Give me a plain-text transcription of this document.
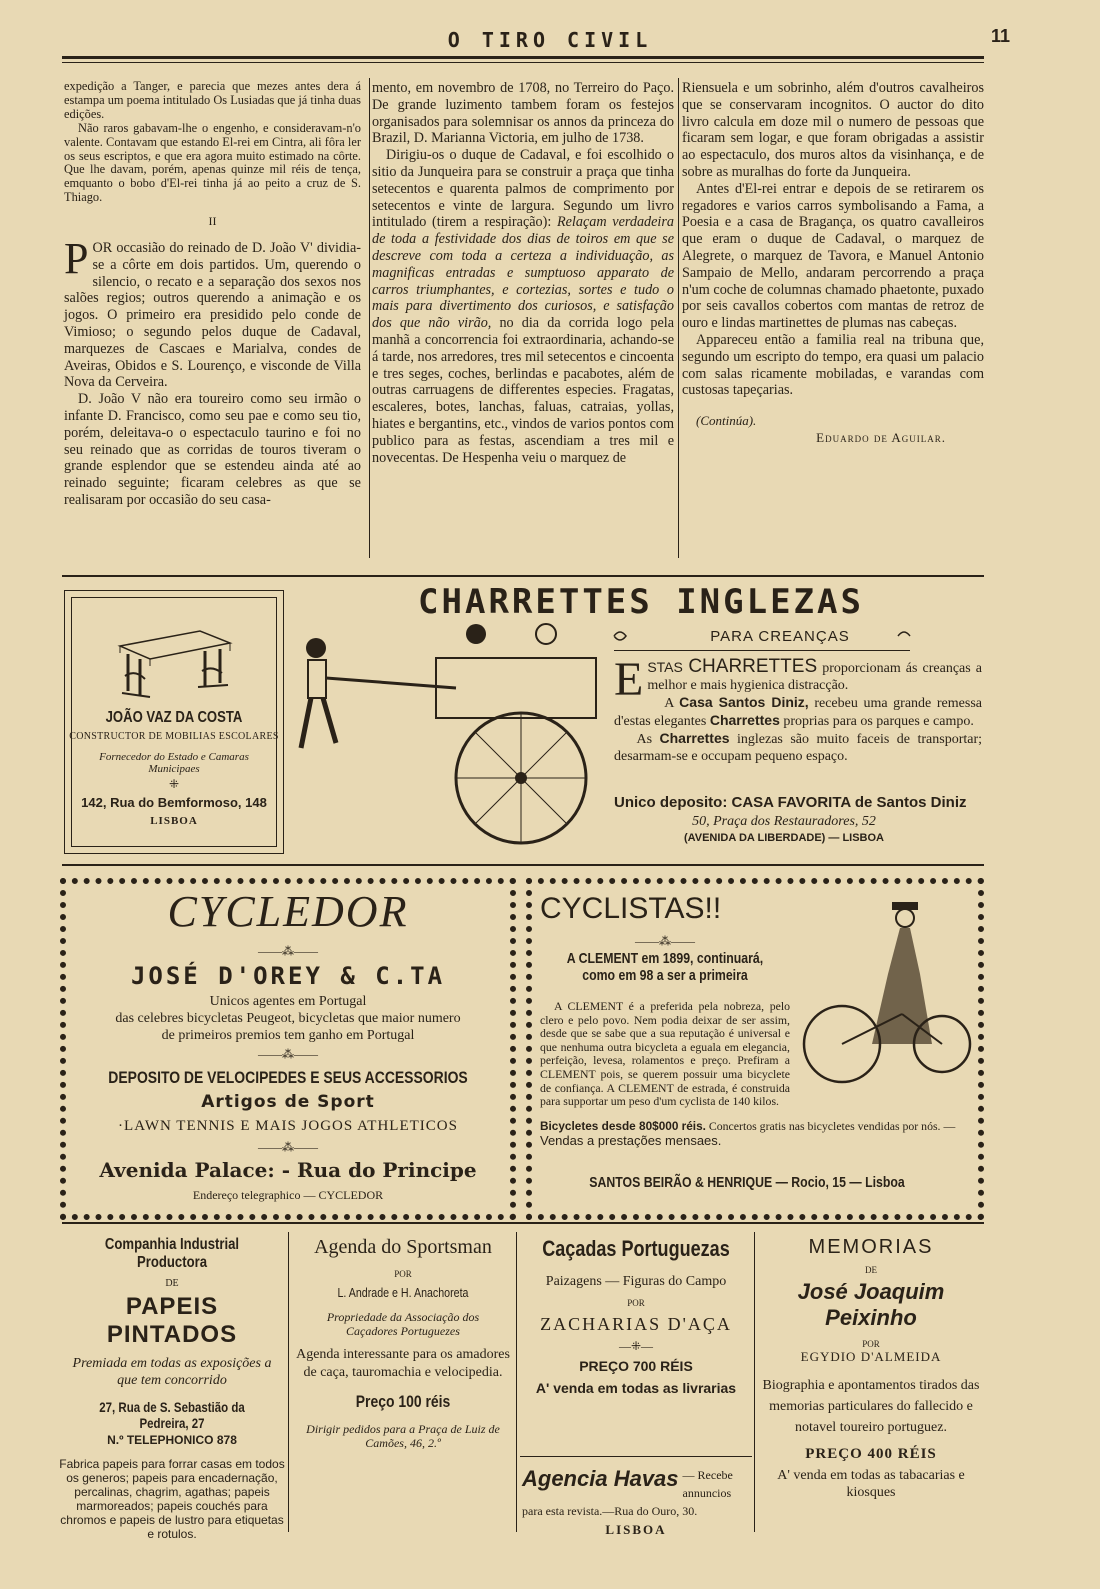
O TIRO CIVIL	11

expedição a Tanger, e parecia que mezes antes dera á estampa um poema intitulado Os Lusiadas que já tinha duas edições.

Não raros gabavam-lhe o engenho, e consideravam-n'o valente. Contavam que estando El-rei em Cintra, ali fôra ler os seus escriptos, e que era agora muito estimado na côrte. Que lhe davam, porém, apenas quinze mil réis de tença, emquanto o bobo d'El-rei tinha já ao peito a cruz de S. Thiago.

II

POR occasião do reinado de D. João V' dividia-se a côrte em dois partidos. Um, querendo o silencio, o recato e a separação dos sexos nos salões regios; outros querendo a animação e os jogos. O primeiro era presidido pelo conde de Vimioso; o segundo pelos duque de Cadaval, marquezes de Cascaes e Marialva, condes de Aveiras, Obidos e S. Lourenço, e visconde de Villa Nova da Cerveira.

D. João V não era toureiro como seu irmão o infante D. Francisco, como seu pae e como seu tio, porém, deleitava-o o espectaculo taurino e foi no seu reinado que as corridas de touros tiveram o grande esplendor que se estendeu ainda até ao reinado seguinte; ficaram celebres as que se realisaram por occasião do seu casa-

mento, em novembro de 1708, no Terreiro do Paço. De grande luzimento tambem foram os festejos organisados para solemnisar os annos da princeza do Brazil, D. Marianna Victoria, em julho de 1738.

Dirigiu-os o duque de Cadaval, e foi escolhido o sitio da Junqueira para se construir a praça que tinha setecentos e quarenta palmos de comprimento por setecentos e vinte de largura. Segundo um livro intitulado (tirem a respiração): Relaçam verdadeira de toda a festividade dos dias de toiros em que se descreve com toda a certeza a individuação, as magnificas entradas e sumptuoso apparato de carros triumphantes, e cortezias, sortes e tudo o mais para divertimento dos curiosos, e satisfação dos que não virão, no dia da corrida logo pela manhã a concorrencia foi extraordinaria, achando-se á tarde, nos arredores, tres mil setecentos e cincoenta e tres seges, coches, berlindas e pacabotes, além de outras carruagens de differentes especies. Fragatas, escaleres, botes, lanchas, faluas, catraias, yollas, hiates e bergantins, etc., vindos de varios pontos com publico para as festas, ascendiam a tres mil e novecentas. De Hespenha veiu o marquez de

Riensuela e um sobrinho, além d'outros cavalheiros que se conservaram incognitos. O auctor do dito livro calcula em doze mil o numero de pessoas que ficaram sem logar, e que foram obrigadas a assistir ao espectaculo, dos muros altos da visinhança, e de sobre as muralhas do forte da Junqueira.

Antes d'El-rei entrar e depois de se retirarem os regadores e varios carros symbolisando a Fama, a Poesia e a casa de Bragança, os quatro cavalleiros que eram o duque de Cadaval, o marquez de Alegrete, o marquez de Tavora, e Manuel Antonio Sampaio de Mello, andaram percorrendo a praça n'um coche de columnas chamado phaetonte, puxado por seis cavallos cobertos com mantas de retroz de ouro e lindas martinettes de plumas nas cabeças.

Appareceu então a familia real na tribuna que, segundo um escripto do tempo, era quasi um palacio com salas ricamente mobiladas, e varandas com custosas tapeçarias.

(Continúa).
Eduardo de Aguilar.
JOÃO VAZ DA COSTA
CONSTRUCTOR DE MOBILIAS ESCOLARES
Fornecedor do Estado e Camaras Municipaes
⁜
142, Rua do Bemformoso, 148
LISBOA
CHARRETTES INGLEZAS
PARA CREANÇAS
E STAS CHARRETTES proporcionam ás creanças a melhor e mais hygienica distracção.
A Casa Santos Diniz, recebeu uma grande remessa d'estas elegantes Charrettes proprias para os parques e campo.
As Charrettes inglezas são muito faceis de transportar; desarmam-se e occupam pequeno espaço.
Unico deposito: CASA FAVORITA de Santos Diniz
50, Praça dos Restauradores, 52
(AVENIDA DA LIBERDADE) — LISBOA
CYCLEDOR
——⁂——
JOSÉ D'OREY & C.TA
Unicos agentes em Portugal
das celebres bicycletas Peugeot, bicycletas que maior numero
de primeiros premios tem ganho em Portugal
——⁂——
DEPOSITO DE VELOCIPEDES E SEUS ACCESSORIOS
Artigos de Sport
·LAWN TENNIS E MAIS JOGOS ATHLETICOS
——⁂——
Avenida Palace: - Rua do Principe
Endereço telegraphico — CYCLEDOR
CYCLISTAS!!
——⁂——
A CLEMENT em 1899, continuará, como em 98 a ser a primeira
A CLEMENT é a preferida pela nobreza, pelo clero e pelo povo. Nem podia deixar de ser assim, desde que se sabe que a sua reputação é universal e que nenhuma outra bicycleta a eguala em elegancia, perfeição, levesa, rolamentos e preço. Prefiram a CLEMENT pois, se querem possuir uma bicyclete de confiança. A CLEMENT de estrada, é construida para supportar um peso d'um cyclista de 140 kilos.
Bicycletes desde 80$000 réis. Concertos gratis nas bicycletes vendidas por nós. — Vendas a prestações mensaes.
SANTOS BEIRÃO & HENRIQUE — Rocio, 15 — Lisboa
Companhia Industrial Productora
DE
PAPEIS PINTADOS
Premiada em todas as exposições a que tem concorrido
27, Rua de S. Sebastião da Pedreira, 27
N.º TELEPHONICO 878
Fabrica papeis para forrar casas em todos os generos; papeis para encadernação, percalinas, chagrim, agathas; papeis marmoreados; papeis couchés para chromos e papeis de lustro para etiquetas e rotulos.
Agenda do Sportsman
POR
L. Andrade e H. Anachoreta
Propriedade da Associação dos Caçadores Portuguezes
Agenda interessante para os amadores de caça, tauromachia e velocipedia.
Preço 100 réis
Dirigir pedidos para a Praça de Luiz de Camões, 46, 2.º
Caçadas Portuguezas
Paizagens — Figuras do Campo
POR
ZACHARIAS D'AÇA
—⁜—
PREÇO 700 RÉIS
A' venda em todas as livrarias
Agencia Havas — Recebe annuncios para esta revista.—Rua do Ouro, 30.
LISBOA
MEMORIAS
DE
José Joaquim Peixinho
POR
EGYDIO D'ALMEIDA
Biographia e apontamentos tirados das memorias particulares do fallecido e notavel toureiro portuguez.
PREÇO 400 RÉIS
A' venda em todas as tabacarias e kiosques
